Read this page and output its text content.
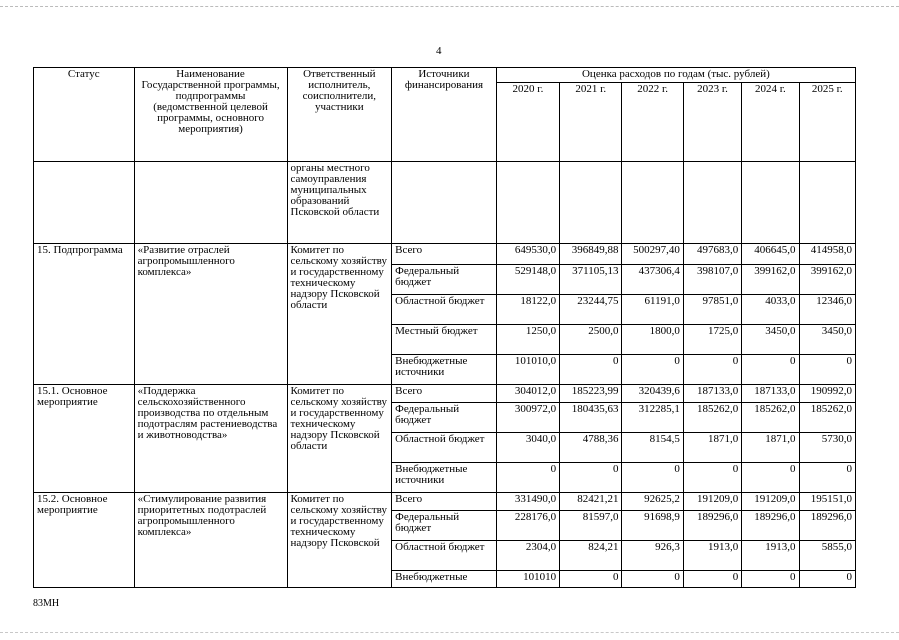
4
Статус	Наименование Государственной программы, подпрограммы (ведомственной целевой программы, основного мероприятия)	Ответственный исполнитель, соисполнители, участники	Источники финансирования	Оценка расходов по годам (тыс. рублей)					
				2020 г.	2021 г.	2022 г.	2023 г.	2024 г.	2025 г.
		органы местного самоуправления муниципальных образований Псковской области							
15. Подпрограмма	«Развитие отраслей агропромышленного комплекса»	Комитет по сельскому хозяйству и государственному техническому надзору Псковской области	Всего	649530,0	396849,88	500297,40	497683,0	406645,0	414958,0
			Федеральный бюджет	529148,0	371105,13	437306,4	398107,0	399162,0	399162,0
			Областной бюджет	18122,0	23244,75	61191,0	97851,0	4033,0	12346,0
			Местный бюджет	1250,0	2500,0	1800,0	1725,0	3450,0	3450,0
			Внебюджетные источники	101010,0	0	0	0	0	0
15.1. Основное мероприятие	«Поддержка сельскохозяйственного производства по отдельным подотраслям растениеводства и животноводства»	Комитет по сельскому хозяйству и государственному техническому надзору Псковской области	Всего	304012,0	185223,99	320439,6	187133,0	187133,0	190992,0
			Федеральный бюджет	300972,0	180435,63	312285,1	185262,0	185262,0	185262,0
			Областной бюджет	3040,0	4788,36	8154,5	1871,0	1871,0	5730,0
			Внебюджетные источники	0	0	0	0	0	0
15.2. Основное мероприятие	«Стимулирование развития приоритетных подотраслей агропромышленного комплекса»	Комитет по сельскому хозяйству и государственному техническому надзору Псковской	Всего	331490,0	82421,21	92625,2	191209,0	191209,0	195151,0
			Федеральный бюджет	228176,0	81597,0	91698,9	189296,0	189296,0	189296,0
			Областной бюджет	2304,0	824,21	926,3	1913,0	1913,0	5855,0
			Внебюджетные	101010	0	0	0	0	0
83МН
